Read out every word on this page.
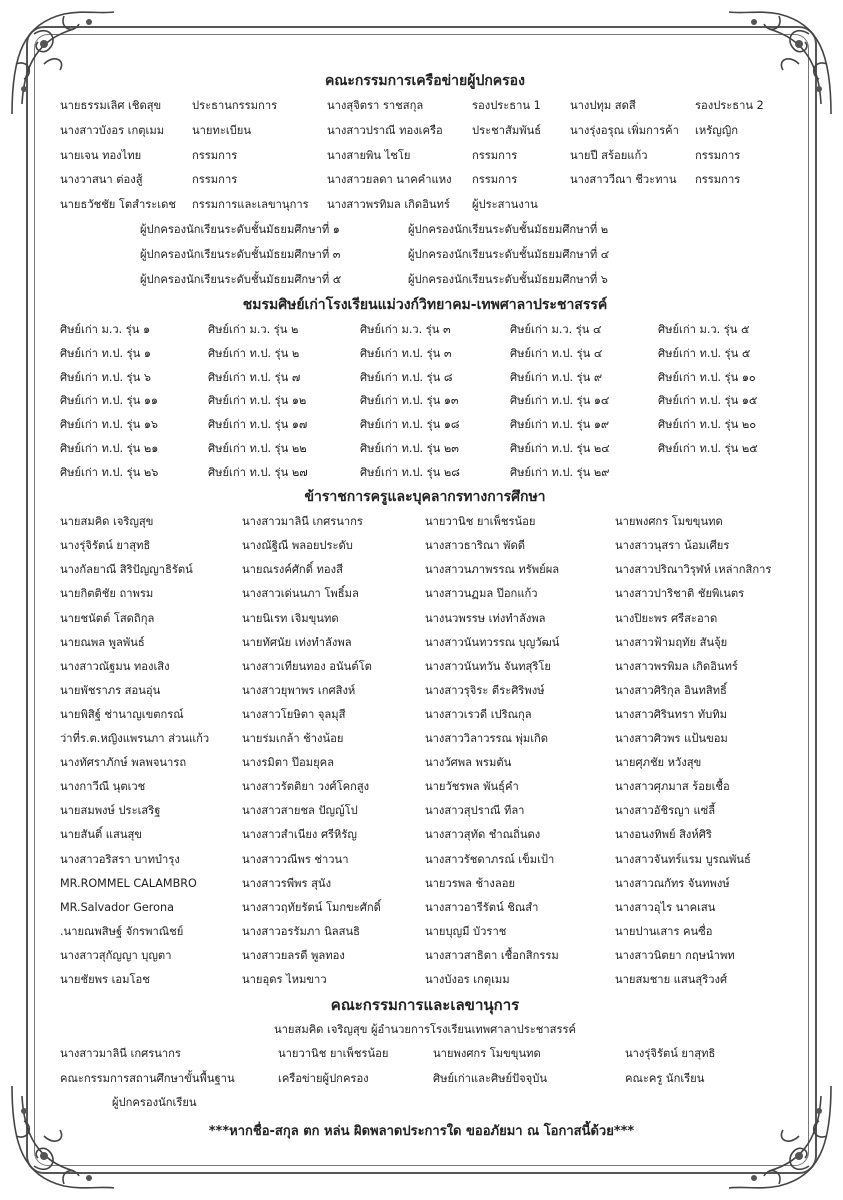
คณะกรรมการเครือข่ายผู้ปกครอง
นายธรรมเลิศ เชิดสุข	ประธานกรรมการ	นางสุจิตรา ราชสกุล	รองประธาน 1	นางปทุม สดสี	รองประธาน 2
นางสาวบังอร เกตุเมม	นายทะเบียน	นางสาวปราณี ทองเครือ	ประชาสัมพันธ์	นางรุ่งอรุณ เพิ่มการค้า	เหรัญญิก
นายเจน ทองไทย	กรรมการ	นางสายพิน ไชโย	กรรมการ	นายปี สร้อยแก้ว	กรรมการ
นางวาสนา ต่องสู้	กรรมการ	นางสาวยลดา นาคคำแหง	กรรมการ	นางสาววีณา ชีวะทาน	กรรมการ
นายธวัชชัย โตสำระเดช	กรรมการและเลขานุการ	นางสาวพรทิมล เกิดอินทร์	ผู้ประสานงาน
ผู้ปกครองนักเรียนระดับชั้นมัธยมศึกษาที่ ๑	ผู้ปกครองนักเรียนระดับชั้นมัธยมศึกษาที่ ๒
ผู้ปกครองนักเรียนระดับชั้นมัธยมศึกษาที่ ๓	ผู้ปกครองนักเรียนระดับชั้นมัธยมศึกษาที่ ๔
ผู้ปกครองนักเรียนระดับชั้นมัธยมศึกษาที่ ๕	ผู้ปกครองนักเรียนระดับชั้นมัธยมศึกษาที่ ๖
ชมรมศิษย์เก่าโรงเรียนแม่วงก์วิทยาคม-เทพศาลาประชาสรรค์
ศิษย์เก่า ม.ว. รุ่น ๑	ศิษย์เก่า ม.ว. รุ่น ๒	ศิษย์เก่า ม.ว. รุ่น ๓	ศิษย์เก่า ม.ว. รุ่น ๔	ศิษย์เก่า ม.ว. รุ่น ๕
ศิษย์เก่า ท.ป. รุ่น ๑	ศิษย์เก่า ท.ป. รุ่น ๒	ศิษย์เก่า ท.ป. รุ่น ๓	ศิษย์เก่า ท.ป. รุ่น ๔	ศิษย์เก่า ท.ป. รุ่น ๕
ศิษย์เก่า ท.ป. รุ่น ๖	ศิษย์เก่า ท.ป. รุ่น ๗	ศิษย์เก่า ท.ป. รุ่น ๘	ศิษย์เก่า ท.ป. รุ่น ๙	ศิษย์เก่า ท.ป. รุ่น ๑๐
ศิษย์เก่า ท.ป. รุ่น ๑๑	ศิษย์เก่า ท.ป. รุ่น ๑๒	ศิษย์เก่า ท.ป. รุ่น ๑๓	ศิษย์เก่า ท.ป. รุ่น ๑๔	ศิษย์เก่า ท.ป. รุ่น ๑๕
ศิษย์เก่า ท.ป. รุ่น ๑๖	ศิษย์เก่า ท.ป. รุ่น ๑๗	ศิษย์เก่า ท.ป. รุ่น ๑๘	ศิษย์เก่า ท.ป. รุ่น ๑๙	ศิษย์เก่า ท.ป. รุ่น ๒๐
ศิษย์เก่า ท.ป. รุ่น ๒๑	ศิษย์เก่า ท.ป. รุ่น ๒๒	ศิษย์เก่า ท.ป. รุ่น ๒๓	ศิษย์เก่า ท.ป. รุ่น ๒๔	ศิษย์เก่า ท.ป. รุ่น ๒๕
ศิษย์เก่า ท.ป. รุ่น ๒๖	ศิษย์เก่า ท.ป. รุ่น ๒๗	ศิษย์เก่า ท.ป. รุ่น ๒๘	ศิษย์เก่า ท.ป. รุ่น ๒๙
ข้าราชการครูและบุคลากรทางการศึกษา
นายสมคิด เจริญสุข	นางสาวมาลินี เกศรนากร	นายวานิช ยาเพ็ชรน้อย	นายพงศกร โมขขุนทด
นางรุ่จิรัตน์ ยาสุทธิ	นางณัฐิณี พลอยประดับ	นางสาวธาริณา พัดดี	นางสาวนุสรา น้อมเศียร
นางกัลยาณี สิริปัญญาธิรัตน์	นายณรงค์ศักดิ์ ทองสี	นางสาวนภาพรรณ ทรัพย์ผล	นางสาวปริณาวิรุฬห์ เหล่ากสิการ
นายกิตติชัย ถาพรม	นางสาวเด่นนภา โพธิ์มล	นางสาวนฏมล ป๊อกแก้ว	นางสาวปาริชาติ ชัยพิเนตร
นายชนัตต์ โสดถิกุล	นายนิเรท เจิมขุนทด	นางนวพรรษ เท่งทำลังพล	นางปิยะพร ศรีสะอาด
นายณพล พูลพันธ์	นายทัศนัย เท่งทำลังพล	นางสาวนันทวรรณ บุญวัฒน์	นางสาวฟ้ามฤทัย สันจุ้ย
นางสาวณัฐมน ทองเสิง	นางสาวเทียนทอง อนันต์โต	นางสาวนันทวัน จันทสุริโย	นางสาวพรพิมล เกิดอินทร์
นายพัชราภร สอนอุ่น	นางสาวยุพาพร เกศสิงห์	นางสาวรุจิระ ตีระศิริพงษ์	นางสาวศิริกุล อินทสิทธิ์
นายพิสิฐ์ ช่านาญเขตกรณ์	นางสาวโยษิตา จุลมุสี	นางสาวเรวดี เปริณกุล	นางสาวศิรินทรา ทับทิม
ว่าที่ร.ต.หญิงแพรนภา ส่วนแก้ว	นายร่มเกล้า ช้างน้อย	นางสาววิลาวรรณ พุ่มเกิด	นางสาวศิวพร แป้นขอม
นางทัศราภักษ์ พลพจนารถ	นางรมิตา ป๊อมยุคล	นางวัศพล พรมตัน	นายศุภชัย หวังสุข
นางกาวีณี นุตเวช	นางสาวรัตติยา วงศ์โคกสูง	นายวัชรพล พันธุ์คำ	นางสาวศุภมาส ร้อยเชื้อ
นายสมพงษ์ ประเสริฐ	นางสาวสายชล ปัญญ์โป	นางสาวสุปราณี ทีลา	นางสาวอัชิรญา แซ่ลี้
นายสันติ์ แสนสุข	นางสาวสำเนียง ศรีหิรัญ	นางสาวสุทัด ชำณถิ่นดง	นางอนงทิพย์ สิงห์ศิริ
นางสาวอริสรา บาทบำรุง	นางสาววณีพร ช่าวนา	นางสาวรัชดาภรณ์ เข็มเป้า	นางสาวจันทร์แรม บูรณพันธ์
MR.ROMMEL CALAMBRO	นางสาวรพีพร สุนัง	นายวรพล ช้างลอย	นางสาวณกัทร จันทพงษ์
MR.Salvador Gerona	นางสาวฤทัยรัตน์ โมกขะศักดิ์	นางสาวอารีรัตน์ ชิณสำ	นางสาวอุไร นาคเสน
.นายณพสิษฐ์ จักรพาณิชย์	นางสาวอรรัมภา นิลสนธิ	นายบุญมี บัวราช	นายปานเสาร คนซื่อ
นางสาวสุกัญญา บุญตา	นางสาวยลรดี พูลทอง	นางสาวสาธิตา เชื้อกสิกรรม	นางสาวนิตยา กฤษนำพท
นายชัยพร เอมโอช	นายอุดร ไหมขาว	นางบังอร เกตุเมม	นายสมชาย แสนสุริวงศ์
คณะกรรมการและเลขานุการ
นายสมคิด เจริญสุข ผู้อำนวยการโรงเรียนเทพศาลาประชาสรรค์
นางสาวมาลินี เกศรนากร	นายวานิช ยาเพ็ชรน้อย	นายพงศกร โมขขุนทด	นางรุ่จิรัตน์ ยาสุทธิ
คณะกรรมการสถานศึกษาขั้นพื้นฐาน	เครือข่ายผู้ปกครอง	ศิษย์เก่าและศิษย์ปัจจุบัน	คณะครู นักเรียน
ผู้ปกครองนักเรียน
***หากชื่อ-สกุล ตก หล่น ผิดพลาดประการใด ขออภัยมา ณ โอกาสนี้ด้วย***
